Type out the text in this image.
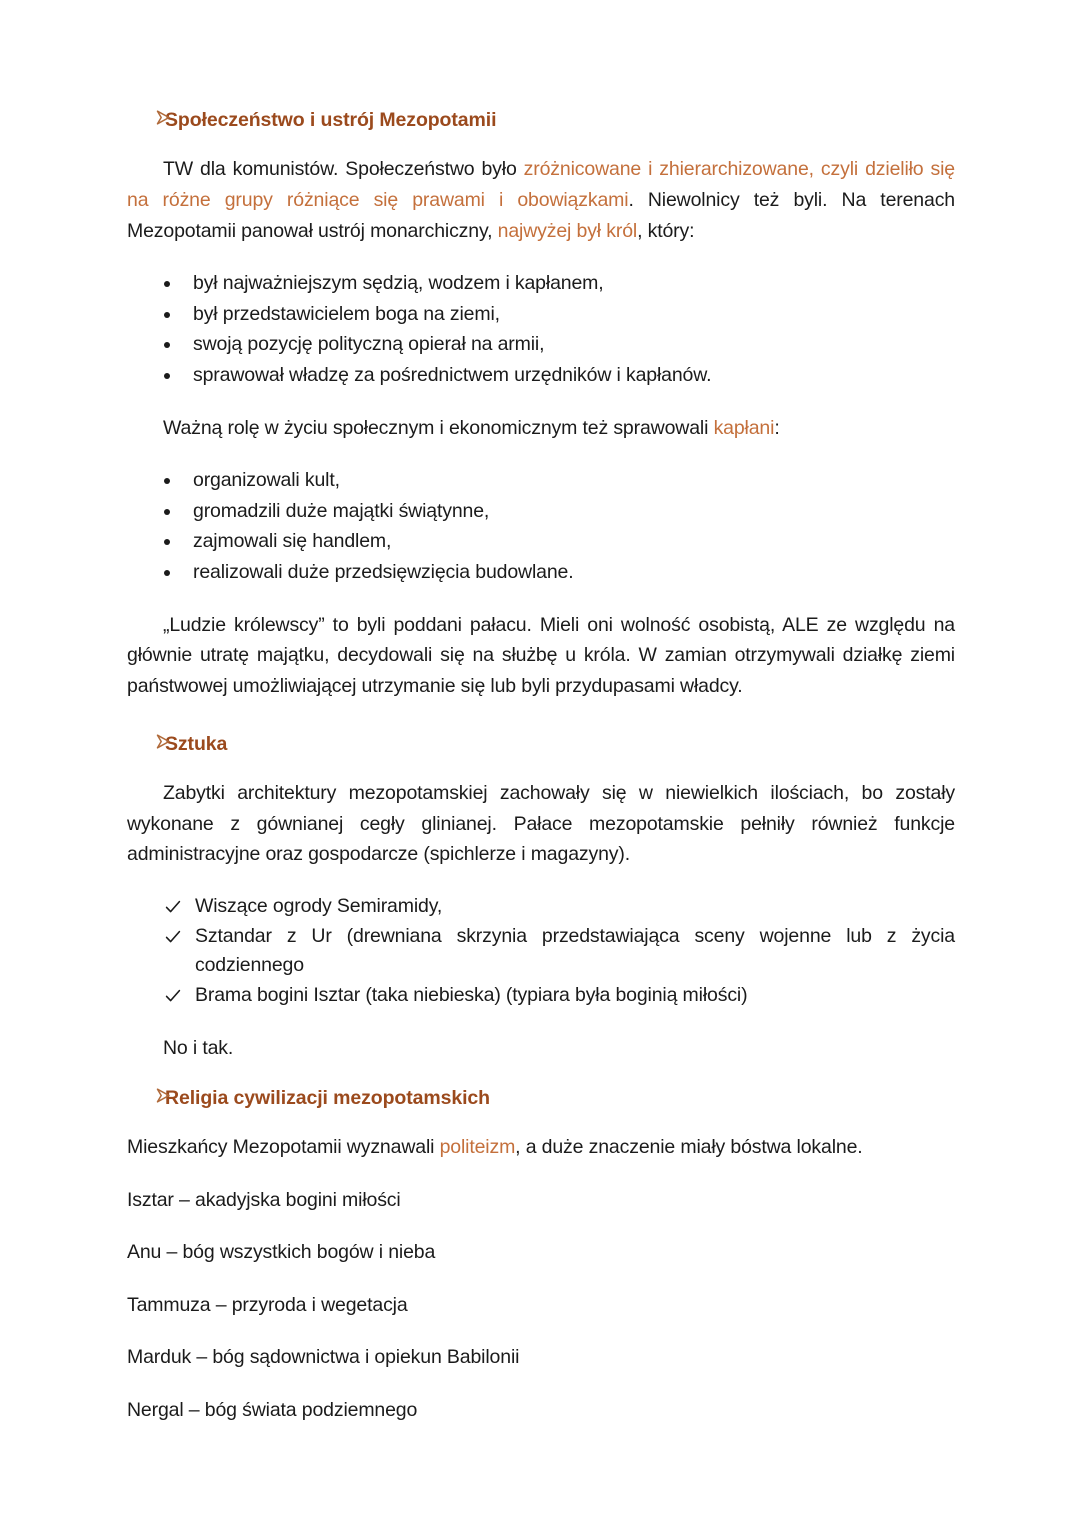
Społeczeństwo i ustrój Mezopotamii

TW dla komunistów. Społeczeństwo było zróżnicowane i zhierarchizowane, czyli dzieliło się na różne grupy różniące się prawami i obowiązkami. Niewolnicy też byli. Na terenach Mezopotamii panował ustrój monarchiczny, najwyżej był król, który:

był najważniejszym sędzią, wodzem i kapłanem,
był przedstawicielem boga na ziemi,
swoją pozycję polityczną opierał na armii,
sprawował władzę za pośrednictwem urzędników i kapłanów.

Ważną rolę w życiu społecznym i ekonomicznym też sprawowali kapłani:

organizowali kult,
gromadzili duże majątki świątynne,
zajmowali się handlem,
realizowali duże przedsięwzięcia budowlane.

„Ludzie królewscy” to byli poddani pałacu. Mieli oni wolność osobistą, ALE ze względu na głównie utratę majątku, decydowali się na służbę u króla. W zamian otrzymywali działkę ziemi państwowej umożliwiającej utrzymanie się lub byli przydupasami władcy.

Sztuka

Zabytki architektury mezopotamskiej zachowały się w niewielkich ilościach, bo zostały wykonane z gównianej cegły glinianej. Pałace mezopotamskie pełniły również funkcje administracyjne oraz gospodarcze (spichlerze i magazyny).

Wiszące ogrody Semiramidy,
Sztandar z Ur (drewniana skrzynia przedstawiająca sceny wojenne lub z życia codziennego
Brama bogini Isztar (taka niebieska) (typiara była boginią miłości)

No i tak.

Religia cywilizacji mezopotamskich

Mieszkańcy Mezopotamii wyznawali politeizm, a duże znaczenie miały bóstwa lokalne.

Isztar – akadyjska bogini miłości

Anu – bóg wszystkich bogów i nieba

Tammuza – przyroda i wegetacja

Marduk – bóg sądownictwa i opiekun Babilonii

Nergal – bóg świata podziemnego
